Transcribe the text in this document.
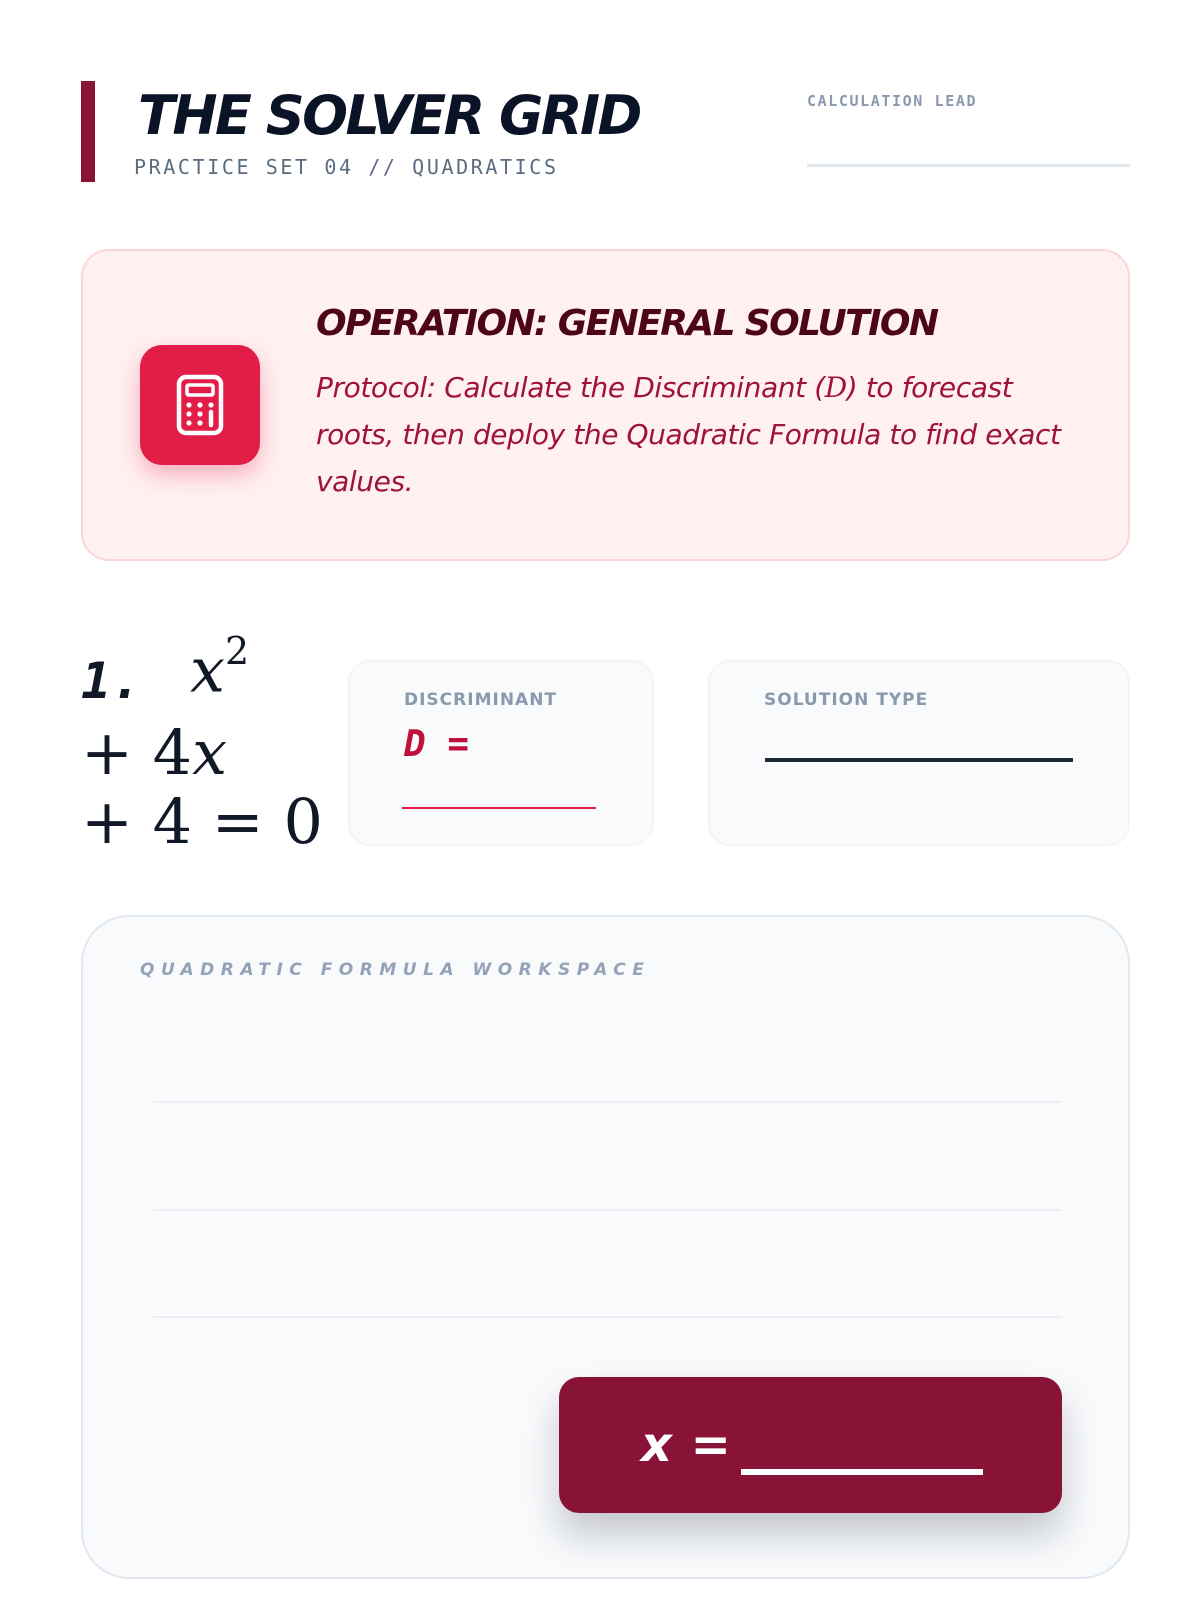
THE SOLVER GRID
PRACTICE SET 04 // QUADRATICS
CALCULATION LEAD
OPERATION: GENERAL SOLUTION
Protocol: Calculate the Discriminant (D) to forecast roots, then deploy the Quadratic Formula to find exact values.
1. $x^2$
+ 4x
+ 4 = 0
DISCRIMINANT
D =
SOLUTION TYPE
QUADRATIC FORMULA WORKSPACE
x =
